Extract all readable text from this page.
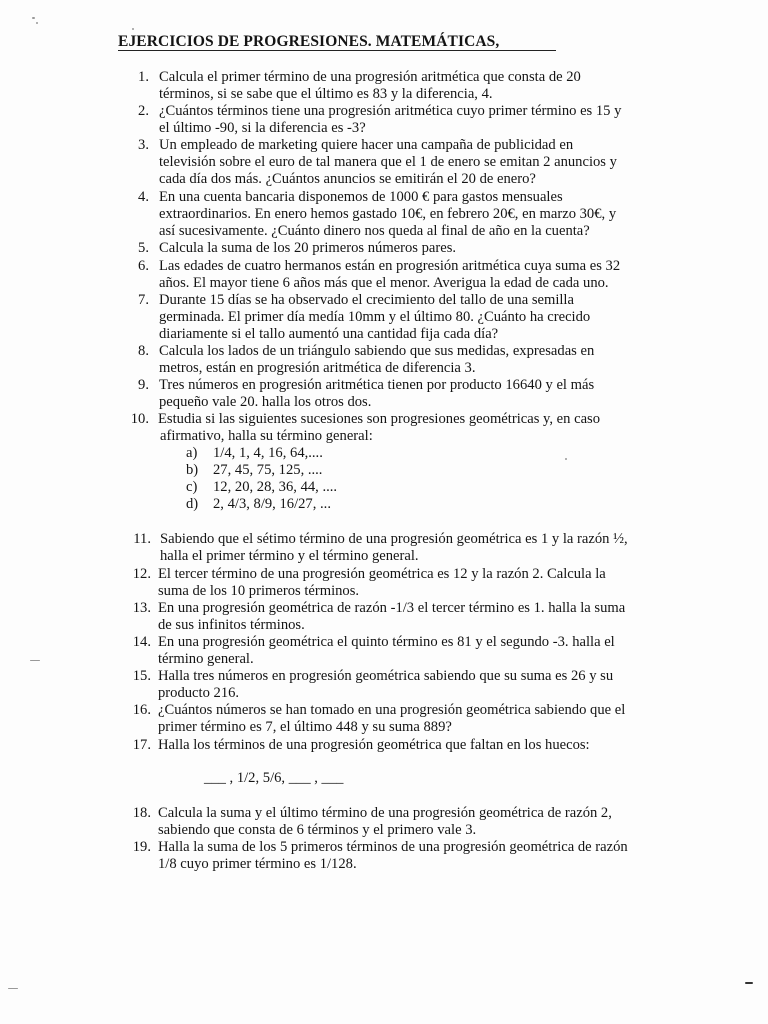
EJERCICIOS DE PROGRESIONES. MATEMÁTICAS,
1. Calcula el primer término de una progresión aritmética que consta de 20
términos, si se sabe que el último es 83 y la diferencia, 4.
2. ¿Cuántos términos tiene una progresión aritmética cuyo primer término es 15 y
el último -90, si la diferencia es -3?
3. Un empleado de marketing quiere hacer una campaña de publicidad en
televisión sobre el euro de tal manera que el 1 de enero se emitan 2 anuncios y
cada día dos más. ¿Cuántos anuncios se emitirán el 20 de enero?
4. En una cuenta bancaria disponemos de 1000 € para gastos mensuales
extraordinarios. En enero hemos gastado 10€, en febrero 20€, en marzo 30€, y
así sucesivamente. ¿Cuánto dinero nos queda al final de año en la cuenta?
5. Calcula la suma de los 20 primeros números pares.
6. Las edades de cuatro hermanos están en progresión aritmética cuya suma es 32
años. El mayor tiene 6 años más que el menor. Averigua la edad de cada uno.
7. Durante 15 días se ha observado el crecimiento del tallo de una semilla
germinada. El primer día medía 10mm y el último 80. ¿Cuánto ha crecido
diariamente si el tallo aumentó una cantidad fija cada día?
8. Calcula los lados de un triángulo sabiendo que sus medidas, expresadas en
metros, están en progresión aritmética de diferencia 3.
9. Tres números en progresión aritmética tienen por producto 16640 y el más
pequeño vale 20. halla los otros dos.
10. Estudia si las siguientes sucesiones son progresiones geométricas y, en caso
afirmativo, halla su término general:
a) 1/4, 1, 4, 16, 64,....
b) 27, 45, 75, 125, ....
c) 12, 20, 28, 36, 44, ....
d) 2, 4/3, 8/9, 16/27, ...
11. Sabiendo que el sétimo término de una progresión geométrica es 1 y la razón ½,
halla el primer término y el término general.
12. El tercer término de una progresión geométrica es 12 y la razón 2. Calcula la
suma de los 10 primeros términos.
13. En una progresión geométrica de razón -1/3 el tercer término es 1. halla la suma
de sus infinitos términos.
14. En una progresión geométrica el quinto término es 81 y el segundo -3. halla el
término general.
15. Halla tres números en progresión geométrica sabiendo que su suma es 26 y su
producto 216.
16. ¿Cuántos números se han tomado en una progresión geométrica sabiendo que el
primer término es 7, el último 448 y su suma 889?
17. Halla los términos de una progresión geométrica que faltan en los huecos:
___ , 1/2, 5/6, ___ , ___
18. Calcula la suma y el último término de una progresión geométrica de razón 2,
sabiendo que consta de 6 términos y el primero vale 3.
19. Halla la suma de los 5 primeros términos de una progresión geométrica de razón
1/8 cuyo primer término es 1/128.
